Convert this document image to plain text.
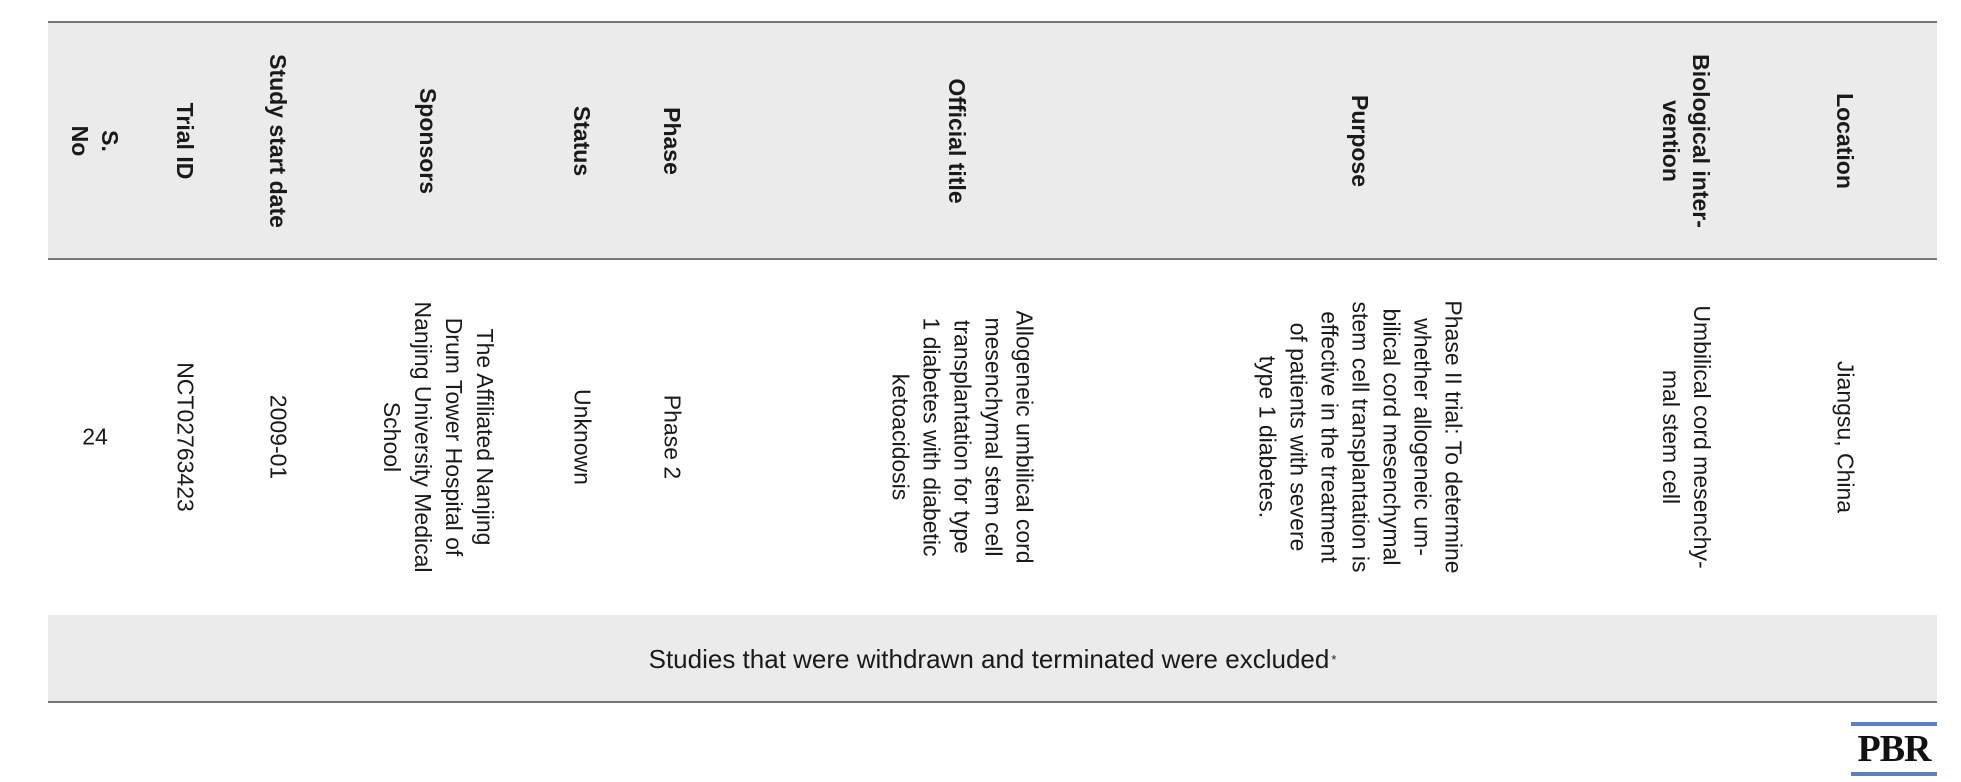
S.
No	Trial ID	Study start date	Sponsors	Status	Phase	Official title	Purpose	Biological inter-
vention	Location
24	NCT02763423	2009-01	The Affiliated Nanjing
Drum Tower Hospital of
Nanjing University Medical
School	Unknown	Phase 2	Allogeneic umbilical cord
mesenchymal stem cell
transplantation for type
1 diabetes with diabetic
ketoacidosis	Phase II trial: To determine
whether allogeneic um-
bilical cord mesenchymal
stem cell transplantation is
effective in the treatment
of patients with severe
type 1 diabetes.	Umbilical cord mesenchy-
mal stem cell	Jiangsu, China
Studies that were withdrawn and terminated were excluded *
PBR
